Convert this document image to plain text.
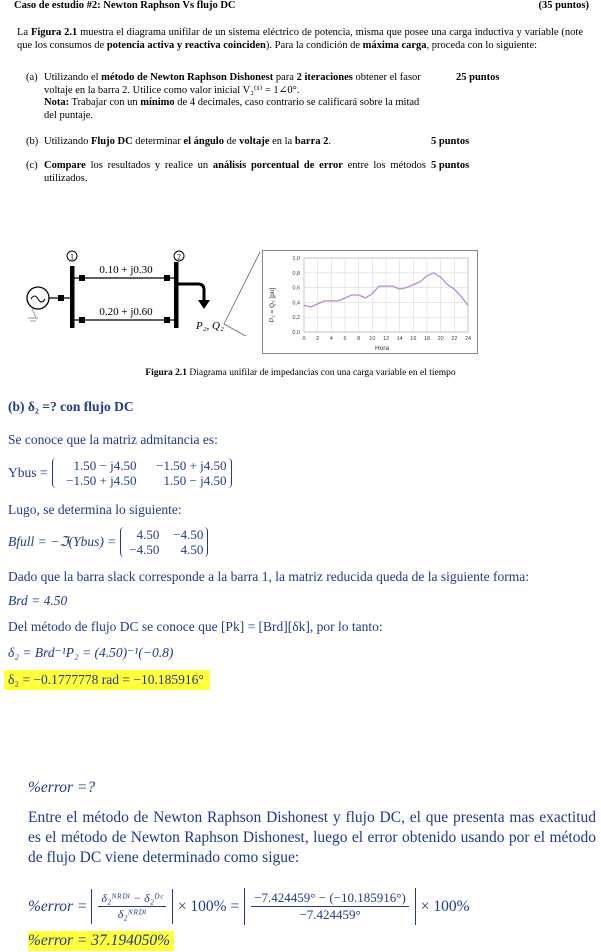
Caso de estudio #2: Newton Raphson Vs flujo DC	(35 puntos)
La Figura 2.1 muestra el diagrama unifilar de un sistema eléctrico de potencia, misma que posee una carga inductiva y variable (note que los consumos de potencia activa y reactiva coinciden). Para la condición de máxima carga, proceda con lo siguiente:
(a) Utilizando el método de Newton Raphson Dishonest para 2 iteraciones obtener el fasor voltaje en la barra 2. Utilice como valor inicial V₂⁽¹⁾ = 1∠0°.
Nota: Trabajar con un mínimo de 4 decimales, caso contrario se calificará sobre la mitad del puntaje.
25 puntos
(b) Utilizando Flujo DC determinar el ángulo de voltaje en la barra 2.	5 puntos
(c) Compare los resultados y realice un análisis porcentual de error entre los métodos utilizados.
5 puntos
1
0.10 + j0.30
0.20 + j0.60
2
P₂, Q₂
0,0
0,2
0,4
0,6
0,8
1,0
0 2 4 6 8 10 12 14 16 18 20 22 24
P₂ = Q₂ [pu]
Hora
Figura 2.1 Diagrama unifilar de impedancias con una carga variable en el tiempo
(b) δ₂ =? con flujo DC
Se conoce que la matriz admitancia es:
Ybus =	1.50 − j4.50 −1.50 + j4.50
−1.50 + j4.50 1.50 − j4.50
Lugo, se determina lo siguiente:
Bfull = −ℑ(Ybus) =	4.50 −4.50
−4.50 4.50
Dado que la barra slack corresponde a la barra 1, la matriz reducida queda de la siguiente forma:
Brd = 4.50
Del método de flujo DC se conoce que [Pk] = [Brd][δk], por lo tanto:
δ₂ = Brd⁻¹P₂ = (4.50)⁻¹(−0.8)
δ₂ = −0.1777778 rad = −10.185916°
%error =?
Entre el método de Newton Raphson Dishonest y flujo DC, el que presenta mas exactitud es el método de Newton Raphson Dishonest, luego el error obtenido usando por el método de flujo DC viene determinado como sigue:
%error = $\frac{\text{δ₂ᴺᴿᴰⁱ − δ₂ᴰᶜ}}{\text{δ₂ᴺᴿᴰⁱ}} \times 100\% = \frac{-7.424459^\circ - (-10.185916^\circ)}{-7.424459^\circ} \times 100\%$
%error = 37.194050%
